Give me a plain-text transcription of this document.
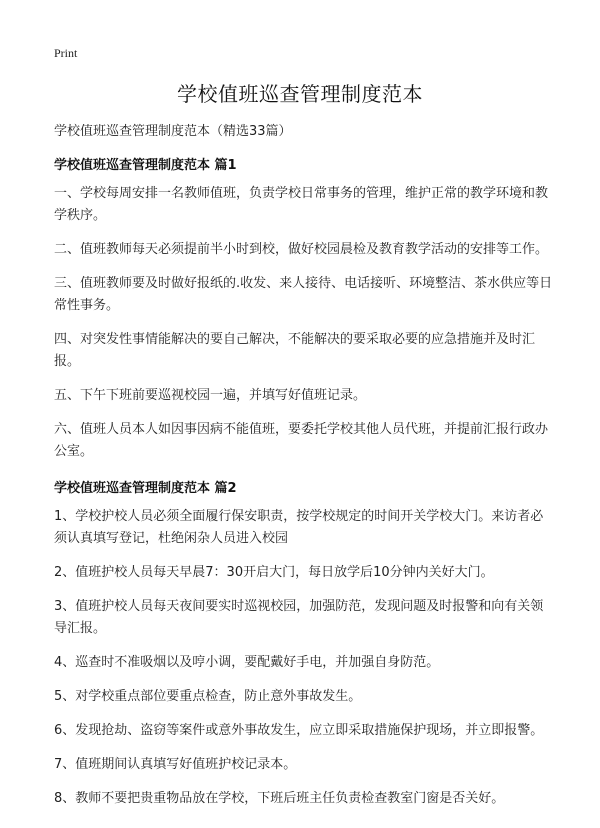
Print
学校值班巡查管理制度范本
学校值班巡查管理制度范本（精选33篇）
学校值班巡查管理制度范本 篇1

一、学校每周安排一名教师值班，负责学校日常事务的管理，维护正常的教学环境和教学秩序。

二、值班教师每天必须提前半小时到校，做好校园晨检及教育教学活动的安排等工作。

三、值班教师要及时做好报纸的.收发、来人接待、电话接听、环境整洁、茶水供应等日常性事务。

四、对突发性事情能解决的要自己解决，不能解决的要采取必要的应急措施并及时汇报。

五、下午下班前要巡视校园一遍，并填写好值班记录。

六、值班人员本人如因事因病不能值班，要委托学校其他人员代班，并提前汇报行政办公室。

学校值班巡查管理制度范本 篇2

1、学校护校人员必须全面履行保安职责，按学校规定的时间开关学校大门。来访者必须认真填写登记，杜绝闲杂人员进入校园

2、值班护校人员每天早晨7：30开启大门，每日放学后10分钟内关好大门。

3、值班护校人员每天夜间要实时巡视校园，加强防范，发现问题及时报警和向有关领导汇报。

4、巡查时不准吸烟以及哼小调，要配戴好手电，并加强自身防范。

5、对学校重点部位要重点检查，防止意外事故发生。

6、发现抢劫、盗窃等案件或意外事故发生，应立即采取措施保护现场，并立即报警。

7、值班期间认真填写好值班护校记录本。

8、教师不要把贵重物品放在学校，下班后班主任负责检查教室门窗是否关好。
